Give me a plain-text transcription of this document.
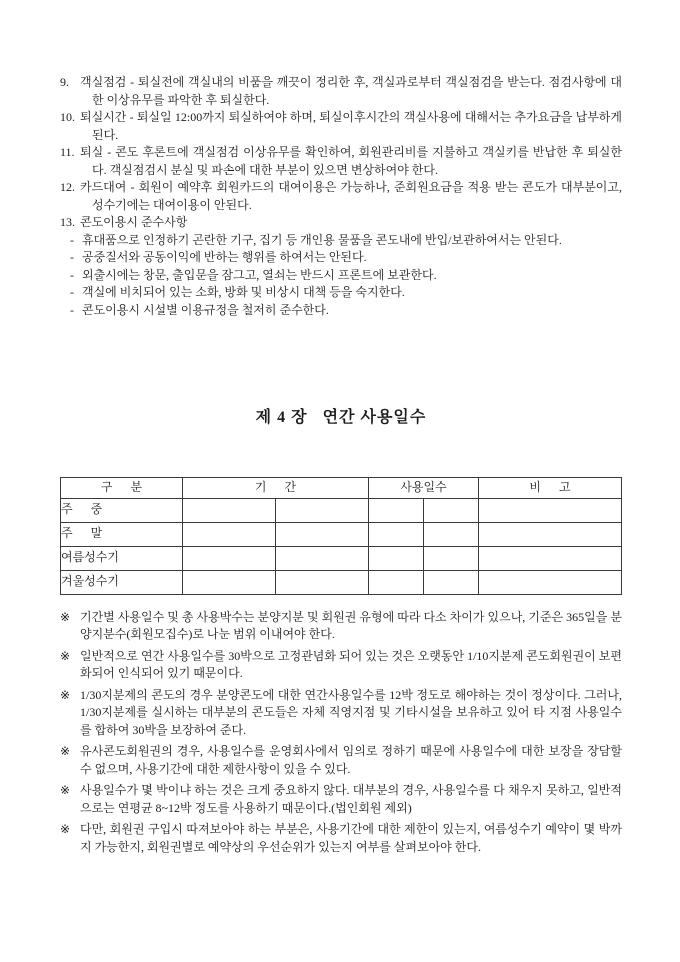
9. 객실점검 - 퇴실전에 객실내의 비품을 깨끗이 정리한 후, 객실과로부터 객실점검을 받는다. 점검사항에 대한 이상유무를 파악한 후 퇴실한다.
10. 퇴실시간 - 퇴실일 12:00까지 퇴실하여야 하며, 퇴실이후시간의 객실사용에 대해서는 추가요금을 납부하게 된다.
11. 퇴실 - 콘도 후론트에 객실점검 이상유무를 확인하여, 회원관리비를 지불하고 객실키를 반납한 후 퇴실한다. 객실점검시 분실 및 파손에 대한 부분이 있으면 변상하여야 한다.
12. 카드대여 - 회원이 예약후 회원카드의 대여이용은 가능하나, 준회원요금을 적용 받는 콘도가 대부분이고, 성수기에는 대여이용이 안된다.
13. 콘도이용시 준수사항
- 휴대품으로 인정하기 곤란한 기구, 집기 등 개인용 물품을 콘도내에 반입/보관하여서는 안된다.
- 공중질서와 공동이익에 반하는 행위를 하여서는 안된다.
- 외출시에는 창문, 출입문을 잠그고, 열쇠는 반드시 프론트에 보관한다.
- 객실에 비치되어 있는 소화, 방화 및 비상시 대책 등을 숙지한다.
- 콘도이용시 시설별 이용규정을 철저히 준수한다.
제 4 장   연간 사용일수
구      분	기      간		사용일수		비      고
주      중					
주      말					
여름성수기					
겨울성수기					
※ 기간별 사용일수 및 총 사용박수는 분양지분 및 회원권 유형에 따라 다소 차이가 있으나, 기준은 365일을 분양지분수(회원모집수)로 나눈 범위 이내여야 한다.
※ 일반적으로 연간 사용일수를 30박으로 고정관념화 되어 있는 것은 오랫동안 1/10지분제 콘도회원권이 보편화되어 인식되어 있기 때문이다.
※ 1/30지분제의 콘도의 경우 분양콘도에 대한 연간사용일수를 12박 정도로 해야하는 것이 정상이다. 그러나, 1/30지분제를 실시하는 대부분의 콘도들은 자체 직영지점 및 기타시설을 보유하고 있어 타 지점 사용일수를 합하여 30박을 보장하여 준다.
※ 유사콘도회원권의 경우, 사용일수를 운영회사에서 임의로 정하기 때문에 사용일수에 대한 보장을 장담할 수 없으며, 사용기간에 대한 제한사항이 있을 수 있다.
※ 사용일수가 몇 박이냐 하는 것은 크게 중요하지 않다. 대부분의 경우, 사용일수를 다 채우지 못하고, 일반적으로는 연평균 8~12박 정도를 사용하기 때문이다.(법인회원 제외)
※ 다만, 회원권 구입시 따져보아야 하는 부분은, 사용기간에 대한 제한이 있는지, 여름성수기 예약이 몇 박까지 가능한지, 회원권별로 예약상의 우선순위가 있는지 여부를 살펴보아야 한다.
